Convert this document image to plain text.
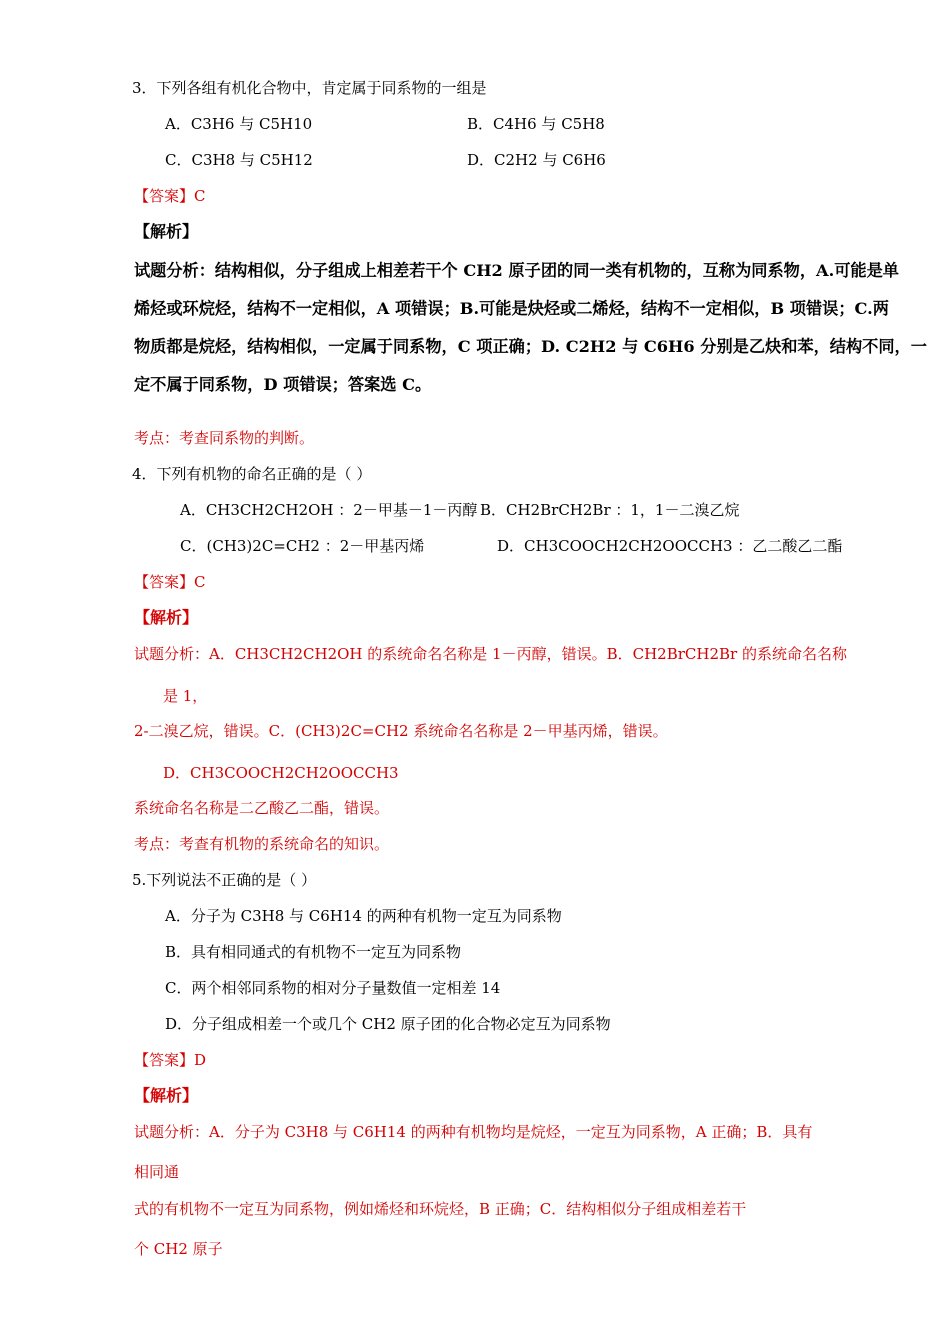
3．下列各组有机化合物中，肯定属于同系物的一组是
A．C3H6 与 C5H10	B．C4H6 与 C5H8
C．C3H8 与 C5H12	D．C2H2 与 C6H6
【答案】C
【解析】
试题分析：结构相似，分子组成上相差若干个 CH2 原子团的同一类有机物的，互称为同系物，A.可能是单
烯烃或环烷烃，结构不一定相似，A 项错误；B.可能是炔烃或二烯烃，结构不一定相似，B 项错误；C.两
物质都是烷烃，结构相似，一定属于同系物，C 项正确；D. C2H2 与 C6H6 分别是乙炔和苯，结构不同，一
定不属于同系物，D 项错误；答案选 C。
考点：考查同系物的判断。
4．下列有机物的命名正确的是（ ）
A．CH3CH2CH2OH ：2－甲基－1－丙醇 B．CH2BrCH2Br ：1，1－二溴乙烷
C．(CH3)2C=CH2 ：2－甲基丙烯	D．CH3COOCH2CH2OOCCH3 ：乙二酸乙二酯
【答案】C
【解析】
试题分析：A．CH3CH2CH2OH 的系统命名名称是 1－丙醇，错误。B．CH2BrCH2Br 的系统命名名称
是 1，
2-二溴乙烷，错误。C．(CH3)2C=CH2 系统命名名称是 2－甲基丙烯，错误。
D．CH3COOCH2CH2OOCCH3
系统命名名称是二乙酸乙二酯，错误。
考点：考查有机物的系统命名的知识。
5.下列说法不正确的是（ ）
A．分子为 C3H8 与 C6H14 的两种有机物一定互为同系物
B．具有相同通式的有机物不一定互为同系物
C．两个相邻同系物的相对分子量数值一定相差 14
D．分子组成相差一个或几个 CH2 原子团的化合物必定互为同系物
【答案】D
【解析】
试题分析：A．分子为 C3H8 与 C6H14 的两种有机物均是烷烃，一定互为同系物，A 正确；B．具有
相同通
式的有机物不一定互为同系物，例如烯烃和环烷烃，B 正确；C．结构相似分子组成相差若干
个 CH2 原子
